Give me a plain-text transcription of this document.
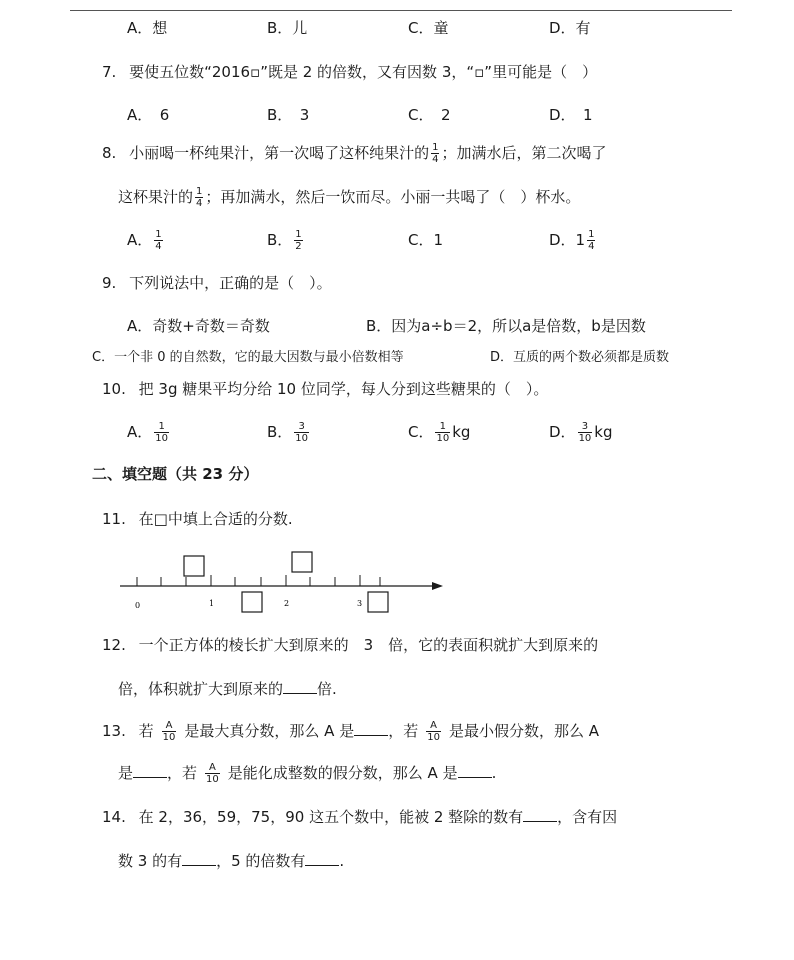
A．想	B．儿	C．童	D．有
7. 要使五位数“2016▫”既是 2 的倍数，又有因数 3，“▫”里可能是（　）
A．　6	B．　3	C．　2	D．　1
8. 小丽喝一杯纯果汁，第一次喝了这杯纯果汁的 $\frac{1}{4}$ ；加满水后，第二次喝了
这杯果汁的 $\frac{1}{4}$ ；再加满水，然后一饮而尽。小丽一共喝了（　）杯水。
A． $\frac{1}{4}$	B． $\frac{1}{2}$	C．1	D．$1 \frac{1}{4}$
9. 下列说法中，正确的是（　）。
A．奇数+奇数＝奇数	B．因为a÷b＝2，所以a是倍数，b是因数
C．一个非 0 的自然数，它的最大因数与最小倍数相等	D．互质的两个数必须都是质数
10. 把 3g 糖果平均分给 10 位同学，每人分到这些糖果的（　）。
A． $\frac{1}{10}$	B． $\frac{3}{10}$	C． $\frac{1}{10}$ kg	D． $\frac{3}{10}$ kg
二、填空题（共 23 分）
11. 在□中填上合适的分数.
0	1	2	3
12. 一个正方体的棱长扩大到原来的　3　倍，它的表面积就扩大到原来的
倍，体积就扩大到原来的 倍.
13. 若 $\frac{A}{10}$ 是最大真分数，那么 A 是 ，若 $\frac{A}{10}$ 是最小假分数，那么 A
是 ，若 $\frac{A}{10}$ 是能化成整数的假分数，那么 A 是 .
14. 在 2，36，59，75，90 这五个数中，能被 2 整除的数有 ，含有因
数 3 的有 ，5 的倍数有 .
